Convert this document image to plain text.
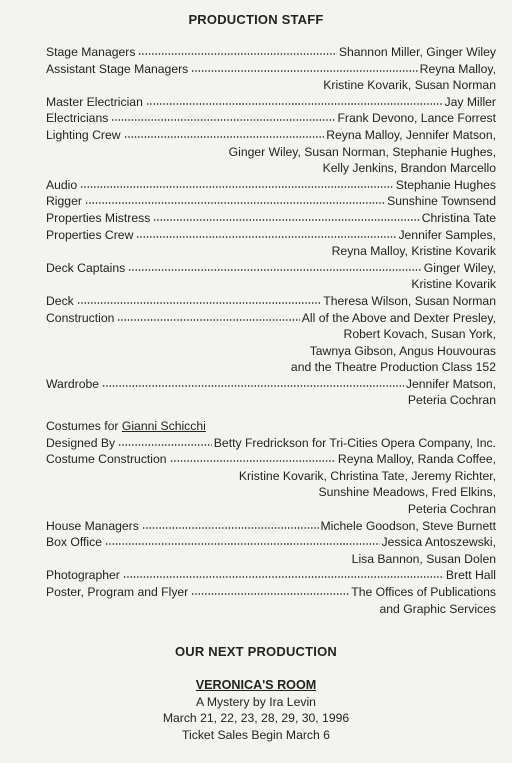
PRODUCTION STAFF
Stage Managers	Shannon Miller, Ginger Wiley
Assistant Stage Managers	Reyna Malloy,
Kristine Kovarik, Susan Norman
Master Electrician	Jay Miller
Electricians	Frank Devono, Lance Forrest
Lighting Crew	Reyna Malloy, Jennifer Matson,
Ginger Wiley, Susan Norman, Stephanie Hughes,
Kelly Jenkins, Brandon Marcello
Audio	Stephanie Hughes
Rigger	Sunshine Townsend
Properties Mistress	Christina Tate
Properties Crew	Jennifer Samples,
Reyna Malloy, Kristine Kovarik
Deck Captains	Ginger Wiley,
Kristine Kovarik
Deck	Theresa Wilson, Susan Norman
Construction	All of the Above and Dexter Presley,
Robert Kovach, Susan York,
Tawnya Gibson, Angus Houvouras
and the Theatre Production Class 152
Wardrobe	Jennifer Matson,
Peteria Cochran
Costumes for Gianni Schicchi
Designed By	Betty Fredrickson for Tri-Cities Opera Company, Inc.
Costume Construction	Reyna Malloy, Randa Coffee,
Kristine Kovarik, Christina Tate, Jeremy Richter,
Sunshine Meadows, Fred Elkins,
Peteria Cochran
House Managers	Michele Goodson, Steve Burnett
Box Office	Jessica Antoszewski,
Lisa Bannon, Susan Dolen
Photographer	Brett Hall
Poster, Program and Flyer	The Offices of Publications
and Graphic Services
OUR NEXT PRODUCTION
VERONICA'S ROOM
A Mystery by Ira Levin
March 21, 22, 23, 28, 29, 30, 1996
Ticket Sales Begin March 6
